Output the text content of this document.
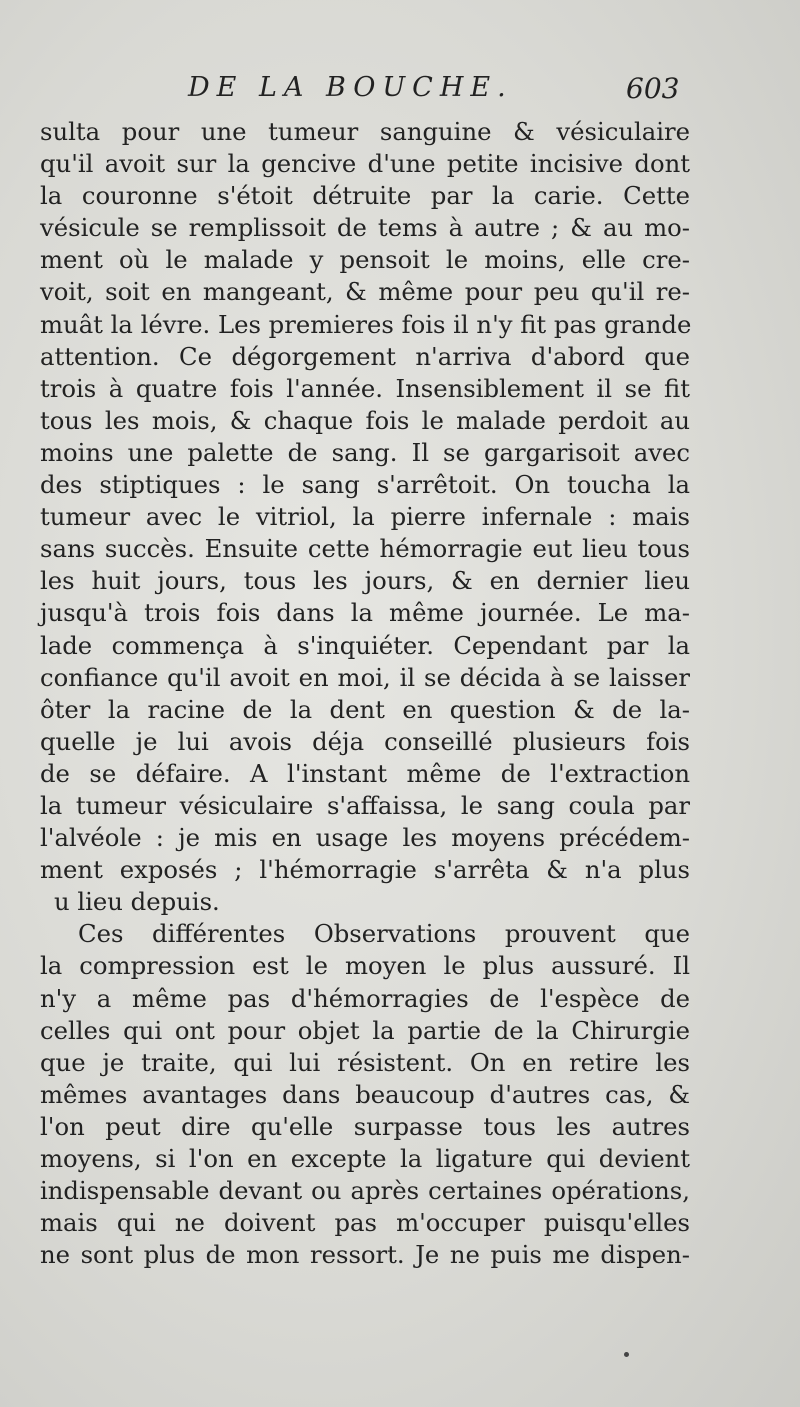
DE LA BOUCHE.	603
sulta pour une tumeur sanguine & vésiculaire
qu'il avoit sur la gencive d'une petite incisive dont
la couronne s'étoit détruite par la carie. Cette
vésicule se remplissoit de tems à autre ; & au mo-
ment où le malade y pensoit le moins, elle cre-
voit, soit en mangeant, & même pour peu qu'il re-
muât la lévre. Les premieres fois il n'y fit pas grande
attention. Ce dégorgement n'arriva d'abord que
trois à quatre fois l'année. Insensiblement il se fit
tous les mois, & chaque fois le malade perdoit au
moins une palette de sang. Il se gargarisoit avec
des stiptiques : le sang s'arrêtoit. On toucha la
tumeur avec le vitriol, la pierre infernale : mais
sans succès. Ensuite cette hémorragie eut lieu tous
les huit jours, tous les jours, & en dernier lieu
jusqu'à trois fois dans la même journée. Le ma-
lade commença à s'inquiéter. Cependant par la
confiance qu'il avoit en moi, il se décida à se laisser
ôter la racine de la dent en question & de la-
quelle je lui avois déja conseillé plusieurs fois
de se défaire. A l'instant même de l'extraction
la tumeur vésiculaire s'affaissa, le sang coula par
l'alvéole : je mis en usage les moyens précédem-
ment exposés ; l'hémorragie s'arrêta & n'a plus
u lieu depuis.
Ces différentes Observations prouvent que
la compression est le moyen le plus aussuré. Il
n'y a même pas d'hémorragies de l'espèce de
celles qui ont pour objet la partie de la Chirurgie
que je traite, qui lui résistent. On en retire les
mêmes avantages dans beaucoup d'autres cas, &
l'on peut dire qu'elle surpasse tous les autres
moyens, si l'on en excepte la ligature qui devient
indispensable devant ou après certaines opérations,
mais qui ne doivent pas m'occuper puisqu'elles
ne sont plus de mon ressort. Je ne puis me dispen-
